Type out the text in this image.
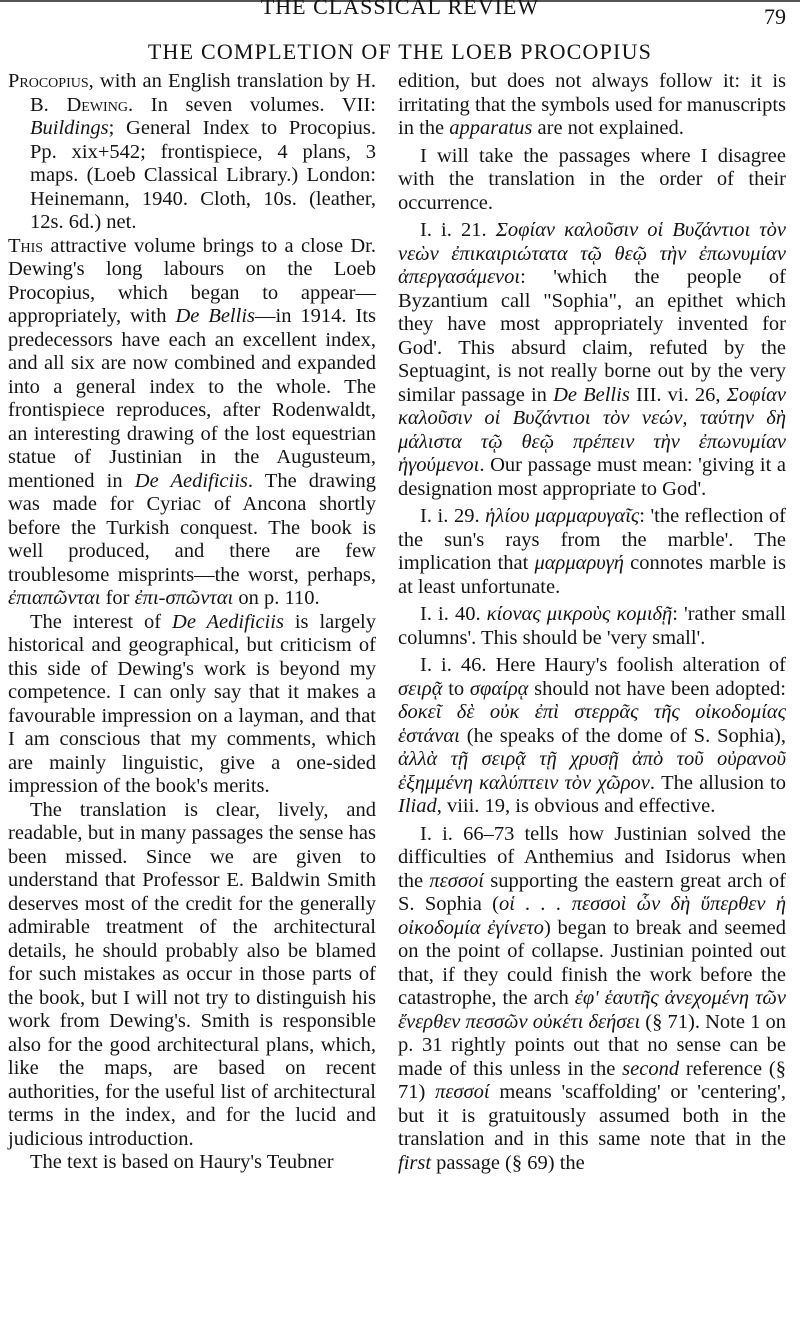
THE CLASSICAL REVIEW	79
THE COMPLETION OF THE LOEB PROCOPIUS

Procopius, with an English translation by H. B. Dewing. In seven volumes. VII: Buildings; General Index to Procopius. Pp. xix+542; frontispiece, 4 plans, 3 maps. (Loeb Classical Library.) London: Heinemann, 1940. Cloth, 10s. (leather, 12s. 6d.) net.

This attractive volume brings to a close Dr. Dewing's long labours on the Loeb Procopius, which began to appear—appropriately, with De Bellis—in 1914. Its predecessors have each an excellent index, and all six are now combined and expanded into a general index to the whole. The frontispiece reproduces, after Rodenwaldt, an interesting drawing of the lost equestrian statue of Justinian in the Augusteum, mentioned in De Aedificiis. The drawing was made for Cyriac of Ancona shortly before the Turkish conquest. The book is well produced, and there are few troublesome misprints—the worst, perhaps, ἐπιαπῶνται for ἐπι-σπῶνται on p. 110.

The interest of De Aedificiis is largely historical and geographical, but criticism of this side of Dewing's work is beyond my competence. I can only say that it makes a favourable impression on a layman, and that I am conscious that my comments, which are mainly linguistic, give a one-sided impression of the book's merits.

The translation is clear, lively, and readable, but in many passages the sense has been missed. Since we are given to understand that Professor E. Baldwin Smith deserves most of the credit for the generally admirable treatment of the architectural details, he should probably also be blamed for such mistakes as occur in those parts of the book, but I will not try to distinguish his work from Dewing's. Smith is responsible also for the good architectural plans, which, like the maps, are based on recent authorities, for the useful list of architectural terms in the index, and for the lucid and judicious introduction.

The text is based on Haury's Teubner

edition, but does not always follow it: it is irritating that the symbols used for manuscripts in the apparatus are not explained.

I will take the passages where I disagree with the translation in the order of their occurrence.

I. i. 21. Σοφίαν καλοῦσιν οἱ Βυζάντιοι τὸν νεὼν ἐπικαιριώτατα τῷ θεῷ τὴν ἐπωνυμίαν ἀπεργασάμενοι: 'which the people of Byzantium call "Sophia", an epithet which they have most appropriately invented for God'. This absurd claim, refuted by the Septuagint, is not really borne out by the very similar passage in De Bellis III. vi. 26, Σοφίαν καλοῦσιν οἱ Βυζάντιοι τὸν νεών, ταύτην δὴ μάλιστα τῷ θεῷ πρέπειν τὴν ἐπωνυμίαν ἡγούμενοι. Our passage must mean: 'giving it a designation most appropriate to God'.

I. i. 29. ἡλίου μαρμαρυγαῖς: 'the reflection of the sun's rays from the marble'. The implication that μαρμαρυγή connotes marble is at least unfortunate.

I. i. 40. κίονας μικροὺς κομιδῇ: 'rather small columns'. This should be 'very small'.

I. i. 46. Here Haury's foolish alteration of σειρᾷ to σφαίρᾳ should not have been adopted: δοκεῖ δὲ οὐκ ἐπὶ στερρᾶς τῆς οἰκοδομίας ἑστάναι (he speaks of the dome of S. Sophia), ἀλλὰ τῇ σειρᾷ τῇ χρυσῇ ἀπὸ τοῦ οὐρανοῦ ἐξημμένη καλύπτειν τὸν χῶρον. The allusion to Iliad, viii. 19, is obvious and effective.

I. i. 66–73 tells how Justinian solved the difficulties of Anthemius and Isidorus when the πεσσοί supporting the eastern great arch of S. Sophia (οἱ . . . πεσσοὶ ὧν δὴ ὕπερθεν ἡ οἰκοδομία ἐγίνετο) began to break and seemed on the point of collapse. Justinian pointed out that, if they could finish the work before the catastrophe, the arch ἐφ' ἑαυτῆς ἀνεχομένη τῶν ἔνερθεν πεσσῶν οὐκέτι δεήσει (§ 71). Note 1 on p. 31 rightly points out that no sense can be made of this unless in the second reference (§ 71) πεσσοί means 'scaffolding' or 'centering', but it is gratuitously assumed both in the translation and in this same note that in the first passage (§ 69) the
